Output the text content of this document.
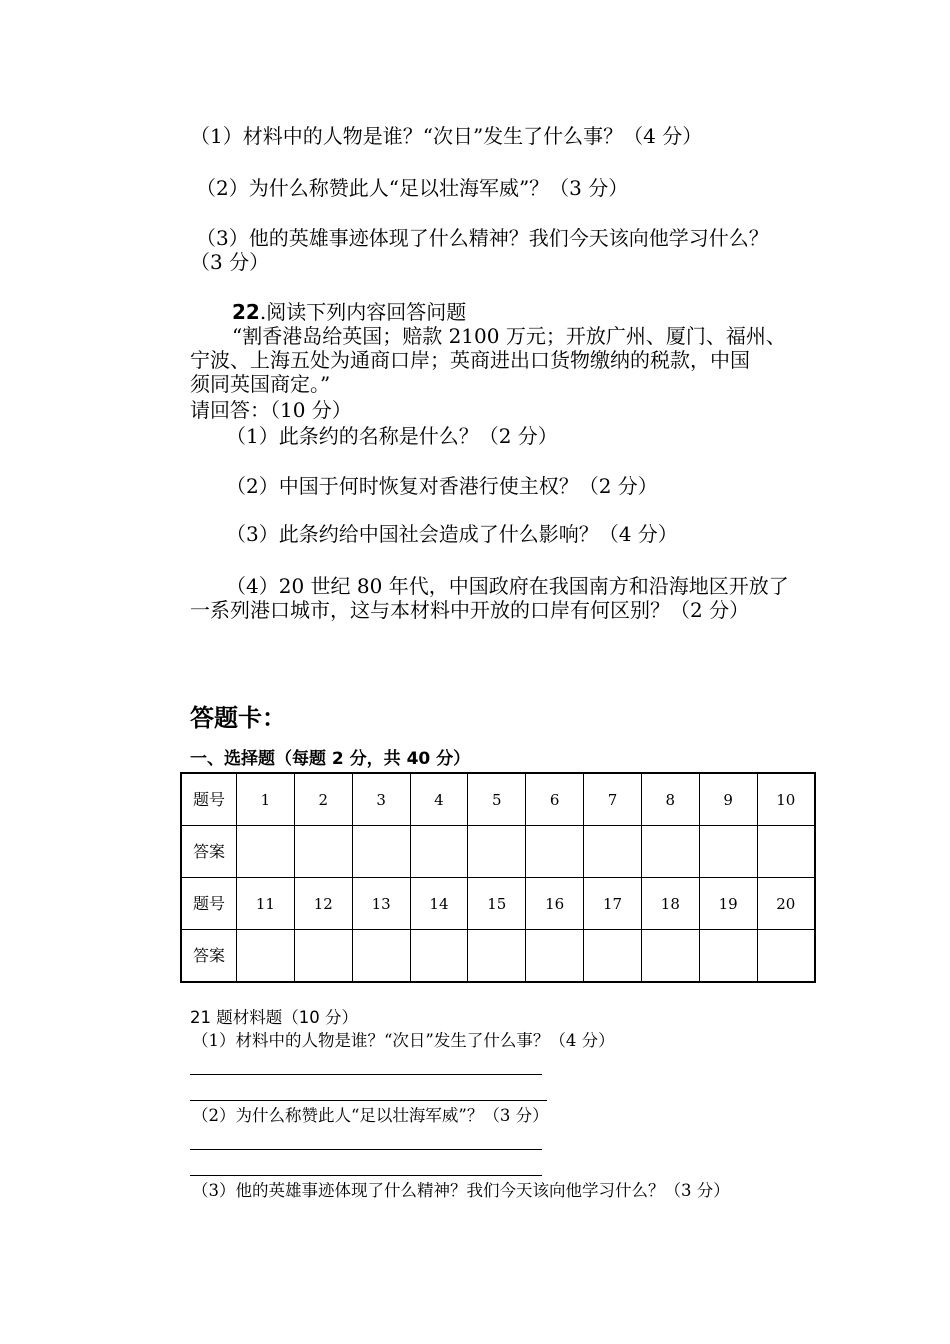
（1）材料中的人物是谁？“次日”发生了什么事？（4 分）
（2）为什么称赞此人“足以壮海军威”？（3 分）
（3）他的英雄事迹体现了什么精神？我们今天该向他学习什么？
（3 分）
22.阅读下列内容回答问题
“割香港岛给英国；赔款 2100 万元；开放广州、厦门、福州、
宁波、上海五处为通商口岸；英商进出口货物缴纳的税款，中国
须同英国商定。”
请回答：（10 分）
（1）此条约的名称是什么？（2 分）
（2）中国于何时恢复对香港行使主权？（2 分）
（3）此条约给中国社会造成了什么影响？（4 分）
（4）20 世纪 80 年代，中国政府在我国南方和沿海地区开放了
一系列港口城市，这与本材料中开放的口岸有何区别？（2 分）
答题卡：
一、选择题（每题 2 分，共 40 分）
题号	1	2	3	4	5	6	7	8	9	10
答案										
题号	11	12	13	14	15	16	17	18	19	20
答案										
21 题材料题（10 分）
（1）材料中的人物是谁？“次日”发生了什么事？（4 分）
（2）为什么称赞此人“足以壮海军威”？（3 分）
（3）他的英雄事迹体现了什么精神？我们今天该向他学习什么？（3 分）
